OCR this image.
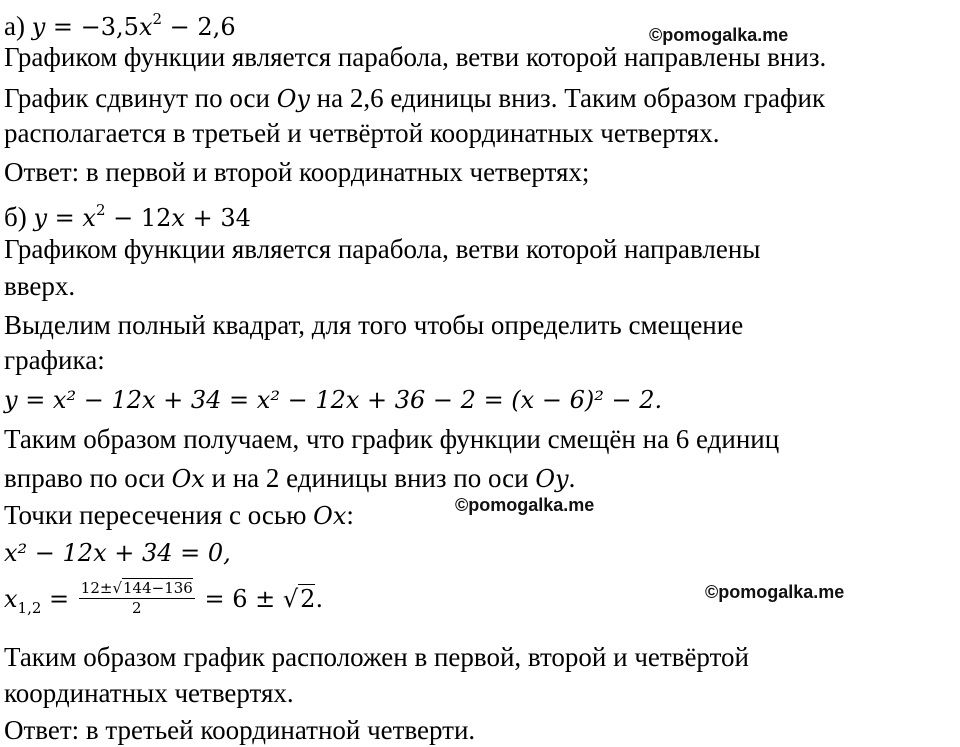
©pomogalka.me
©pomogalka.me
©pomogalka.me
а) $y = -3,5x^2 - 2,6$
Графиком функции является парабола, ветви которой направлены вниз.
График сдвинут по оси Oy на 2,6 единицы вниз. Таким образом график
располагается в третьей и четвёртой координатных четвертях.
Ответ: в первой и второй координатных четвертях;
б) $y = x^2 - 12x + 34$
Графиком функции является парабола, ветви которой направлены
вверх.
Выделим полный квадрат, для того чтобы определить смещение
графика:
y = x² − 12x + 34 = x² − 12x + 36 − 2 = (x − 6)² − 2.
Таким образом получаем, что график функции смещён на 6 единиц
вправо по оси Ox и на 2 единицы вниз по оси Oy.
Точки пересечения с осью Ox:
x² − 12x + 34 = 0,
$x_{1,2} = \frac{12\pm√144-136}{2} = 6 \pm √2$.
Таким образом график расположен в первой, второй и четвёртой
координатных четвертях.
Ответ: в третьей координатной четверти.
